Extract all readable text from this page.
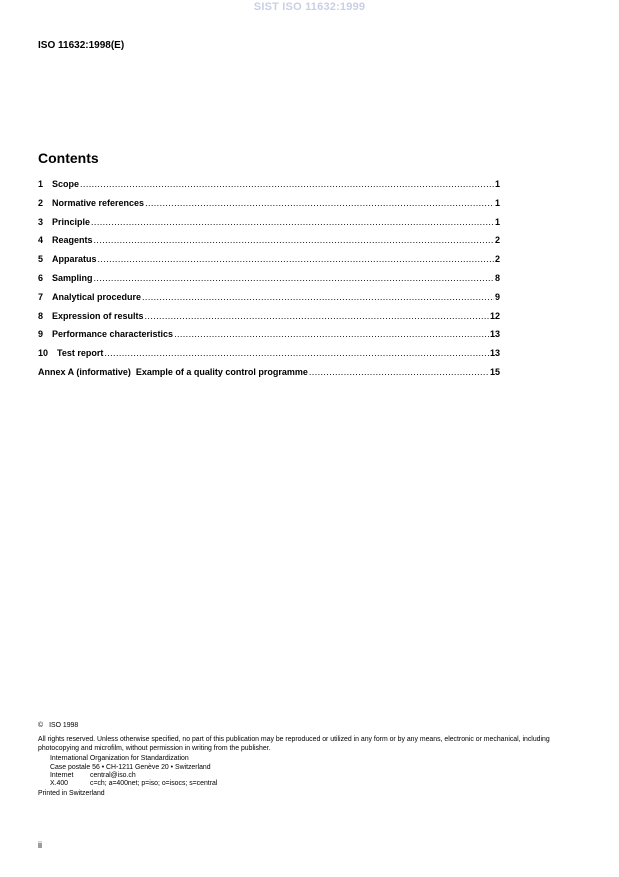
SIST ISO 11632:1999
ISO 11632:1998(E)
Contents
1 Scope .....	1
2 Normative references .....	1
3 Principle .....	1
4 Reagents .....	2
5 Apparatus .....	2
6 Sampling .....	8
7 Analytical procedure .....	9
8 Expression of results .....	12
9 Performance characteristics .....	13
10 Test report .....	13
Annex A (informative)  Example of a quality control programme .....	15
© ISO 1998
All rights reserved. Unless otherwise specified, no part of this publication may be reproduced or utilized in any form or by any means, electronic or mechanical, including photocopying and microfilm, without permission in writing from the publisher.
International Organization for Standardization
Case postale 56 • CH-1211 Genève 20 • Switzerland
Internet	central@iso.ch
X.400	c=ch; a=400net; p=iso; o=isocs; s=central
Printed in Switzerland
ii
